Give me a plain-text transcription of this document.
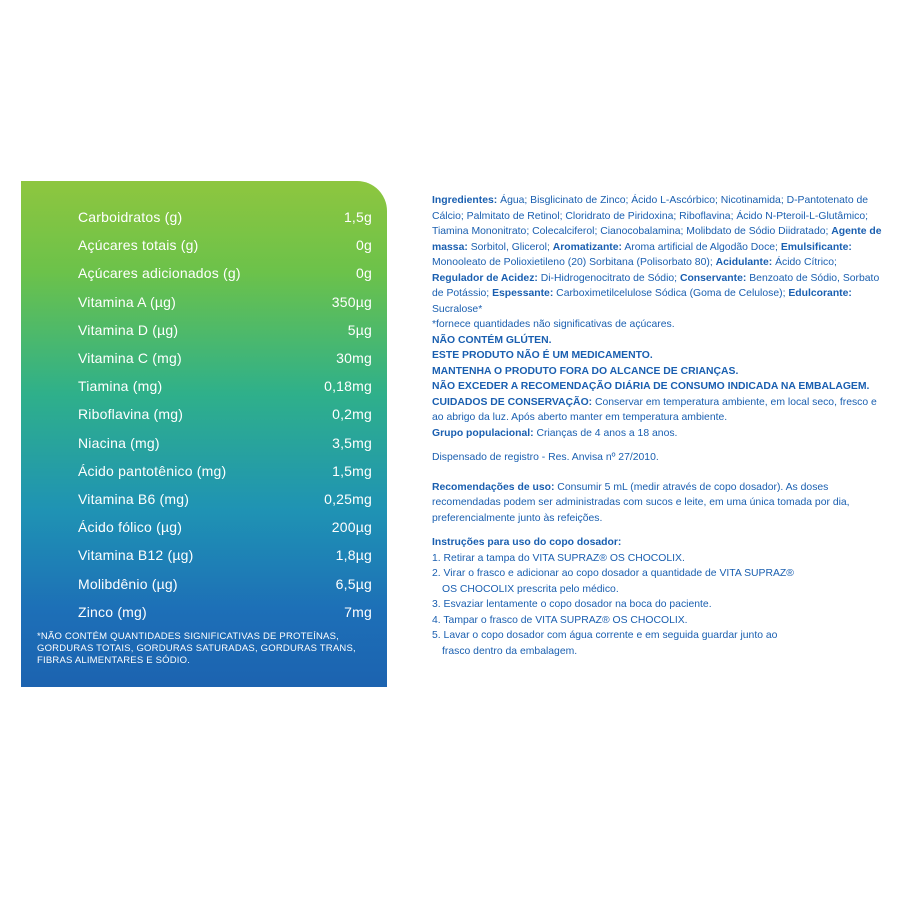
Carboidratos (g)	1,5g
Açúcares totais (g)	0g
Açúcares adicionados (g)	0g
Vitamina A (µg)	350µg
Vitamina D (µg)	5µg
Vitamina C (mg)	30mg
Tiamina (mg)	0,18mg
Riboflavina (mg)	0,2mg
Niacina (mg)	3,5mg
Ácido pantotênico (mg)	1,5mg
Vitamina B6 (mg)	0,25mg
Ácido fólico (µg)	200µg
Vitamina B12 (µg)	1,8µg
Molibdênio (µg)	6,5µg
Zinco (mg)	7mg
*NÃO CONTÉM QUANTIDADES SIGNIFICATIVAS DE PROTEÍNAS, GORDURAS TOTAIS, GORDURAS SATURADAS, GORDURAS TRANS, FIBRAS ALIMENTARES E SÓDIO.

Ingredientes: Água; Bisglicinato de Zinco; Ácido L-Ascórbico; Nicotinamida; D-Pantotenato de Cálcio; Palmitato de Retinol; Cloridrato de Piridoxina; Riboflavina; Ácido N-Pteroil-L-Glutâmico; Tiamina Mononitrato; Colecalciferol; Cianocobalamina; Molibdato de Sódio Diidratado; Agente de massa: Sorbitol, Glicerol; Aromatizante: Aroma artificial de Algodão Doce; Emulsificante: Monooleato de Polioxietileno (20) Sorbitana (Polisorbato 80); Acidulante: Ácido Cítrico; Regulador de Acidez: Di-Hidrogenocitrato de Sódio; Conservante: Benzoato de Sódio, Sorbato de Potássio; Espessante: Carboximetilcelulose Sódica (Goma de Celulose); Edulcorante: Sucralose*

*fornece quantidades não significativas de açúcares.

NÃO CONTÉM GLÚTEN.

ESTE PRODUTO NÃO É UM MEDICAMENTO.

MANTENHA O PRODUTO FORA DO ALCANCE DE CRIANÇAS.

NÃO EXCEDER A RECOMENDAÇÃO DIÁRIA DE CONSUMO INDICADA NA EMBALAGEM.

CUIDADOS DE CONSERVAÇÃO: Conservar em temperatura ambiente, em local seco, fresco e ao abrigo da luz. Após aberto manter em temperatura ambiente.

Grupo populacional: Crianças de 4 anos a 18 anos.

Dispensado de registro - Res. Anvisa nº 27/2010.

Recomendações de uso: Consumir 5 mL (medir através de copo dosador). As doses recomendadas podem ser administradas com sucos e leite, em uma única tomada por dia, preferencialmente junto às refeições.

Instruções para uso do copo dosador:

1. Retirar a tampa do VITA SUPRAZ® OS CHOCOLIX.

2. Virar o frasco e adicionar ao copo dosador a quantidade de VITA SUPRAZ®

OS CHOCOLIX prescrita pelo médico.

3. Esvaziar lentamente o copo dosador na boca do paciente.

4. Tampar o frasco de VITA SUPRAZ® OS CHOCOLIX.

5. Lavar o copo dosador com água corrente e em seguida guardar junto ao

frasco dentro da embalagem.
